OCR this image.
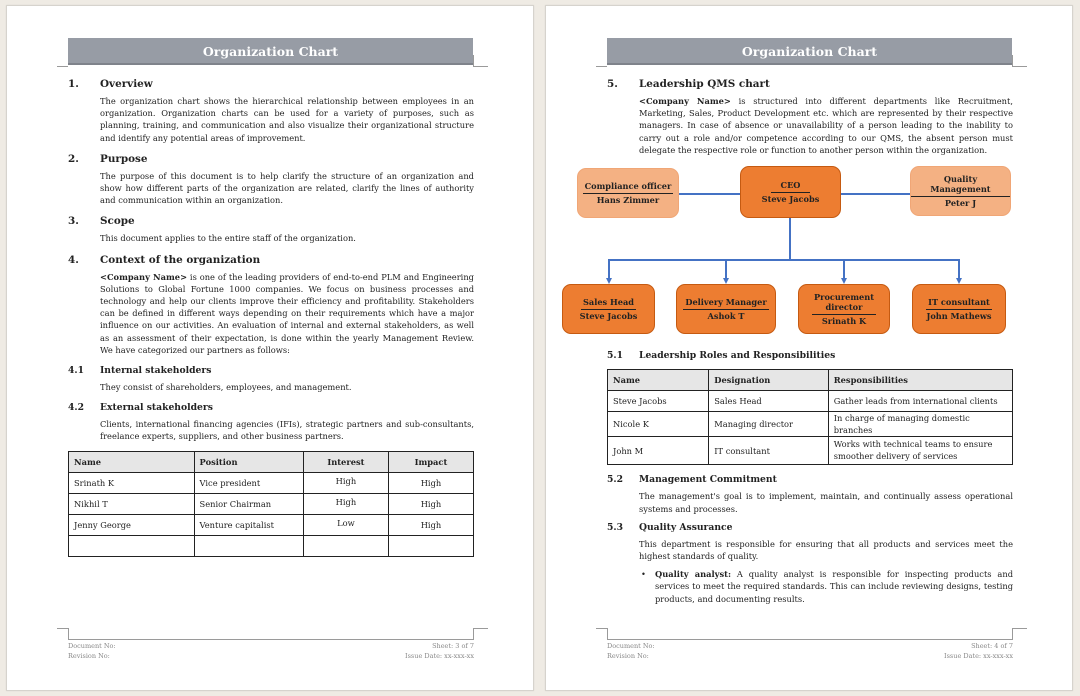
Organization Chart
1.	Overview

The organization chart shows the hierarchical relationship between employees in an organization. Organization charts can be used for a variety of purposes, such as planning, training, and communication and also visualize their organizational structure and identify any potential areas of improvement.

2.	Purpose

The purpose of this document is to help clarify the structure of an organization and show how different parts of the organization are related, clarify the lines of authority and communication within an organization.

3.	Scope

This document applies to the entire staff of the organization.

4.	Context of the organization

<Company Name> is one of the leading providers of end-to-end PLM and Engineering Solutions to Global Fortune 1000 companies. We focus on business processes and technology and help our clients improve their efficiency and profitability. Stakeholders can be defined in different ways depending on their requirements which have a major influence on our activities. An evaluation of internal and external stakeholders, as well as an assessment of their expectation, is done within the yearly Management Review. We have categorized our partners as follows:

4.1	Internal stakeholders

They consist of shareholders, employees, and management.

4.2	External stakeholders

Clients, international financing agencies (IFIs), strategic partners and sub-consultants, freelance experts, suppliers, and other business partners.

Name	Position	Interest	Impact
Srinath K	Vice president	High	High
Nikhil T	Senior Chairman	High	High
Jenny George	Venture capitalist	Low	High

Document No:
Revision No:
Sheet: 3 of 7
Issue Date: xx-xxx-xx
Organization Chart
5.	Leadership QMS chart

<Company Name> is structured into different departments like Recruitment, Marketing, Sales, Product Development etc. which are represented by their respective managers. In case of absence or unavailability of a person leading to the inability to carry out a role and/or competence according to our QMS, the absent person must delegate the respective role or function to another person within the organization.

Compliance officer
Hans Zimmer
CEO
Steve Jacobs
Quality Management
Peter J
Sales Head
Steve Jacobs
Delivery Manager
Ashok T
Procurement director
Srinath K
IT consultant
John Mathews
5.1	Leadership Roles and Responsibilities
Name	Designation	Responsibilities
Steve Jacobs	Sales Head	Gather leads from international clients
Nicole K	Managing director	In charge of managing domestic branches
John M	IT consultant	Works with technical teams to ensure smoother delivery of services
5.2	Management Commitment

The management's goal is to implement, maintain, and continually assess operational systems and processes.

5.3	Quality Assurance

This department is responsible for ensuring that all products and services meet the highest standards of quality.

•	Quality analyst: A quality analyst is responsible for inspecting products and services to meet the required standards. This can include reviewing designs, testing products, and documenting results.
Document No:
Revision No:
Sheet: 4 of 7
Issue Date: xx-xxx-xx
